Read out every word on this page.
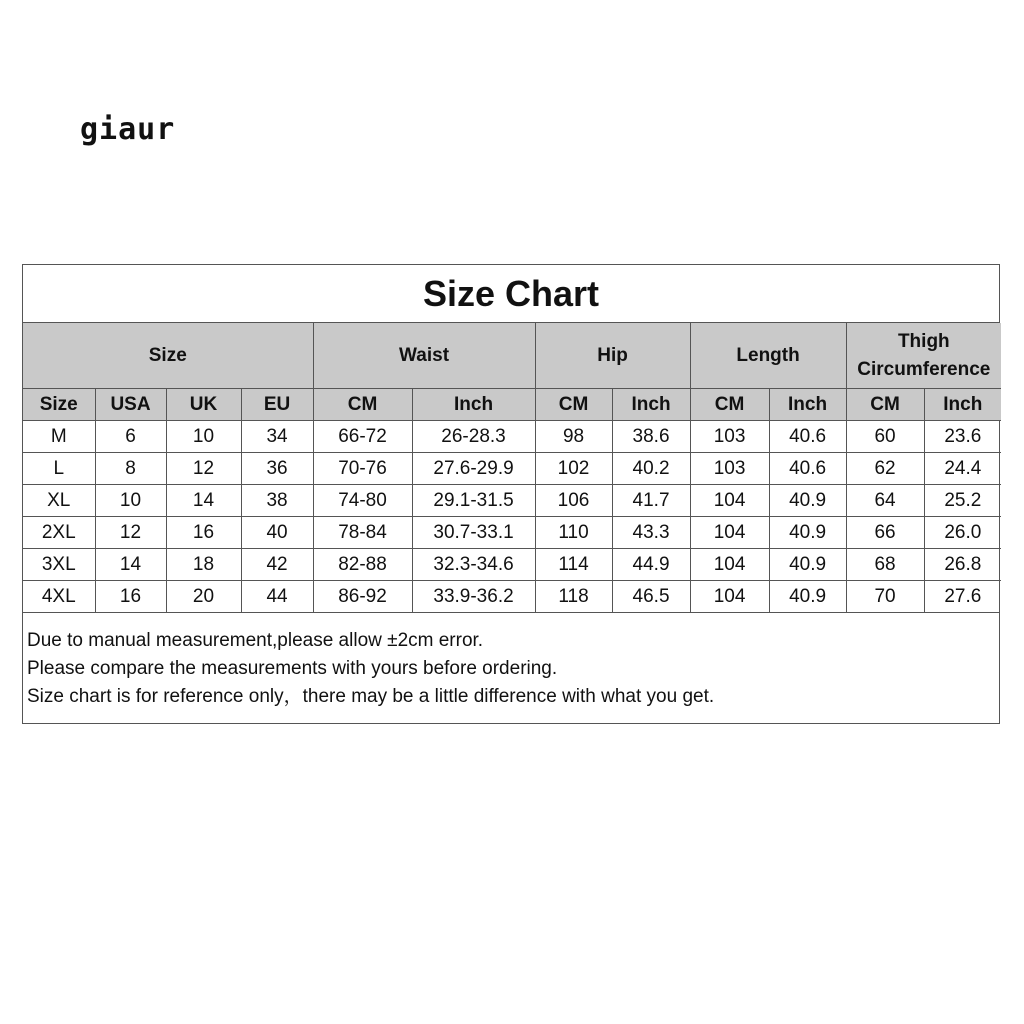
giaur
Size Chart
Size				Waist		Hip		Length		Thigh
Circumference	
Size	USA	UK	EU	CM	Inch	CM	Inch	CM	Inch	CM	Inch
M	6	10	34	66-72	26-28.3	98	38.6	103	40.6	60	23.6
L	8	12	36	70-76	27.6-29.9	102	40.2	103	40.6	62	24.4
XL	10	14	38	74-80	29.1-31.5	106	41.7	104	40.9	64	25.2
2XL	12	16	40	78-84	30.7-33.1	110	43.3	104	40.9	66	26.0
3XL	14	18	42	82-88	32.3-34.6	114	44.9	104	40.9	68	26.8
4XL	16	20	44	86-92	33.9-36.2	118	46.5	104	40.9	70	27.6
Due to manual measurement,please allow ±2cm error.
Please compare the measurements with yours before ordering.
Size chart is for reference only，there may be a little difference with what you get.
